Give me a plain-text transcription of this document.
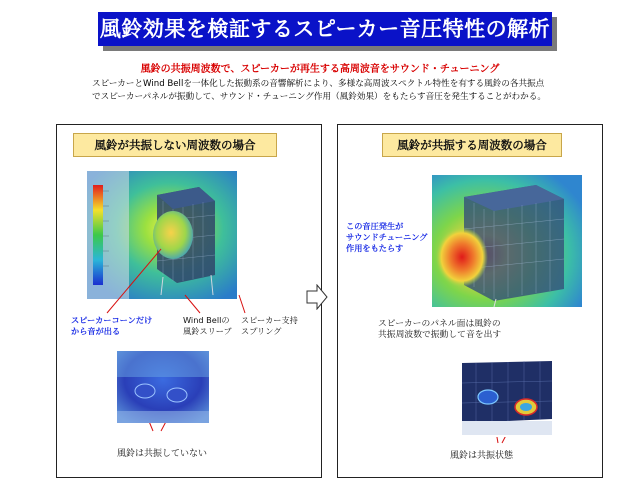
風鈴効果を検証するスピーカー音圧特性の解析
風鈴の共振周波数で、スピーカーが再生する高周波音をサウンド・チューニング
スピーカーとWind Bellを一体化した振動系の音響解析により、多様な高周波スペクトル特性を有する風鈴の各共振点
でスピーカーパネルが振動して、サウンド・チューニング作用（風鈴効果）をもたらす音圧を発生することがわかる。
風鈴が共振しない周波数の場合
スピーカーコーンだけ
から音が出る
Wind Bellの
風鈴スリーブ
スピーカー支持
スプリング
風鈴は共振していない
風鈴が共振する周波数の場合
この音圧発生が
サウンドチューニング
作用をもたらす
スピーカーのパネル面は風鈴の
共振周波数で振動して音を出す
風鈴は共振状態
